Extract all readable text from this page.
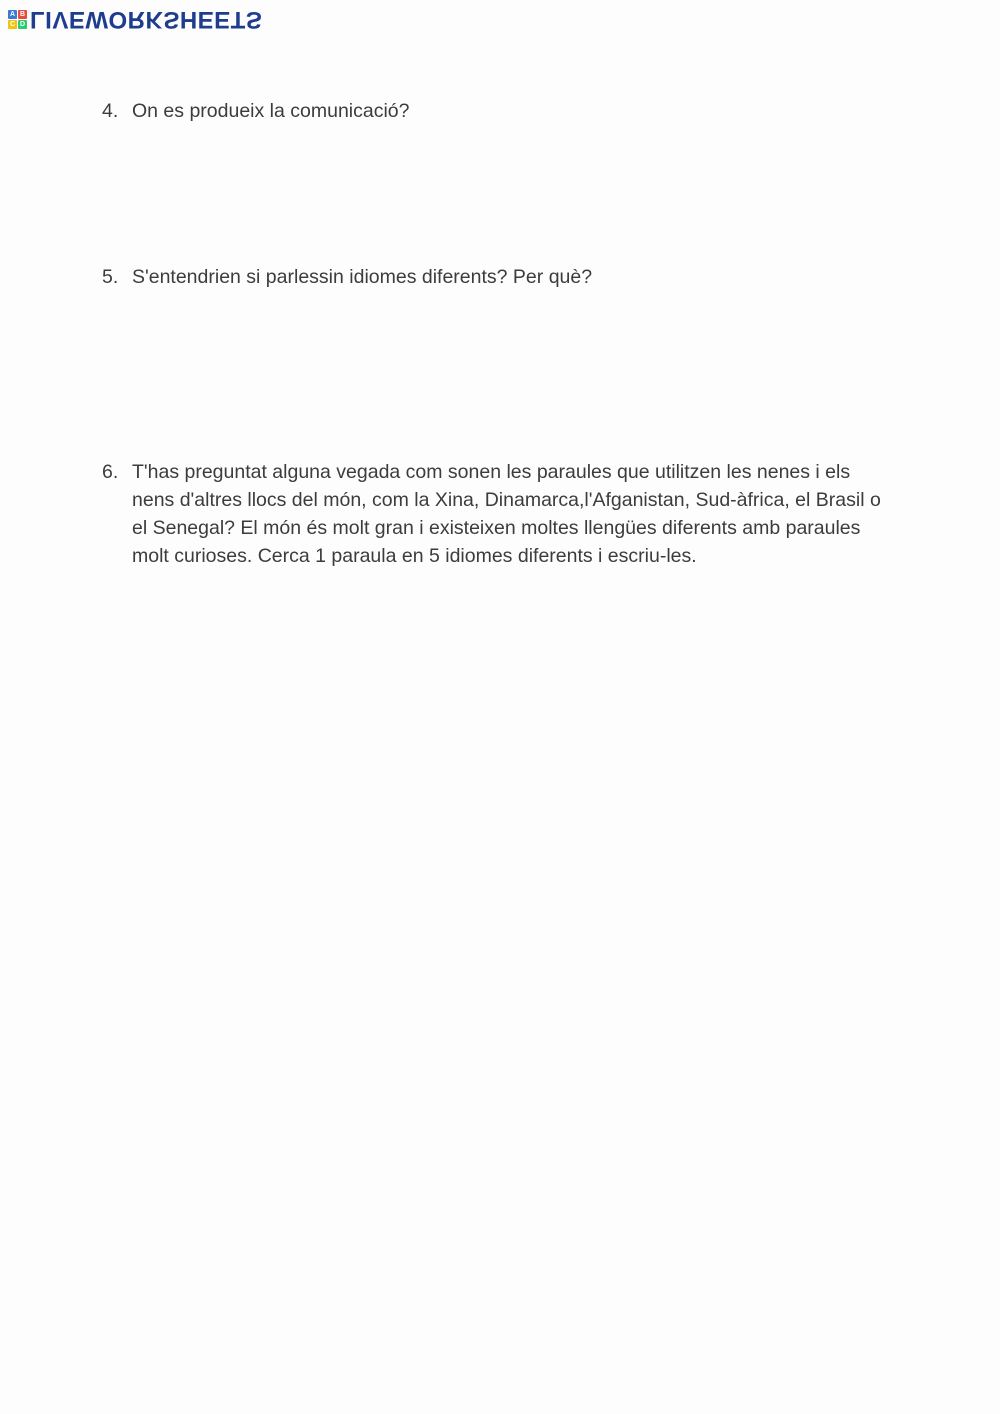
A B
C D LIVEWORKSHEETS
4. On es produeix la comunicació?
5. S'entendrien si parlessin idiomes diferents? Per què?
6. T'has preguntat alguna vegada com sonen les paraules que utilitzen les nenes i els nens d'altres llocs del món, com la Xina, Dinamarca,l'Afganistan, Sud-àfrica, el Brasil o el Senegal? El món és molt gran i existeixen moltes llengües diferents amb paraules molt curioses. Cerca 1 paraula en 5 idiomes diferents i escriu-les.
